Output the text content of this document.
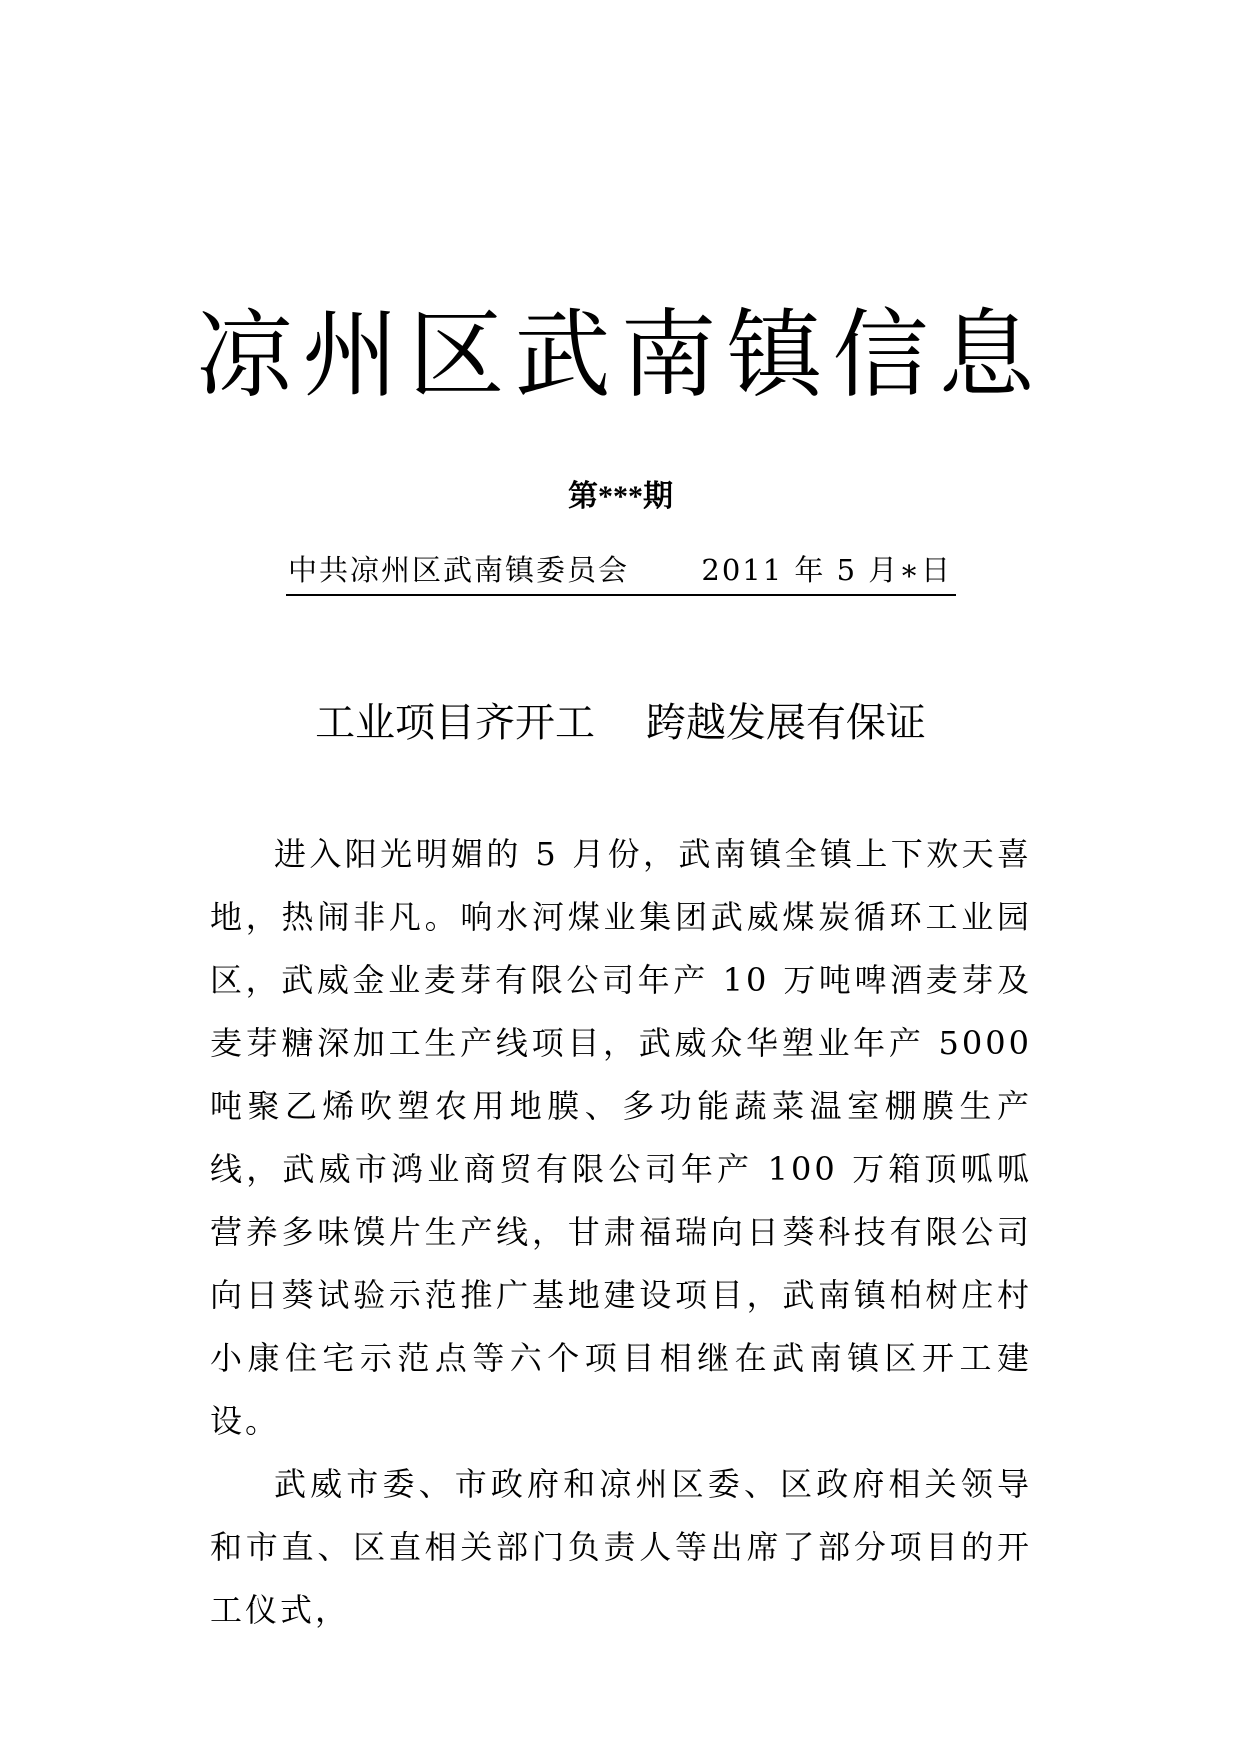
凉州区武南镇信息
第***期
中共凉州区武南镇委员会 2011 年 5 月∗日
工业项目齐开工    跨越发展有保证

进入阳光明媚的 5 月份，武南镇全镇上下欢天喜地，热闹非凡。响水河煤业集团武威煤炭循环工业园区，武威金业麦芽有限公司年产 10 万吨啤酒麦芽及麦芽糖深加工生产线项目，武威众华塑业年产 5000 吨聚乙烯吹塑农用地膜、多功能蔬菜温室棚膜生产线，武威市鸿业商贸有限公司年产 100 万箱顶呱呱营养多味馍片生产线，甘肃福瑞向日葵科技有限公司向日葵试验示范推广基地建设项目，武南镇柏树庄村小康住宅示范点等六个项目相继在武南镇区开工建设。

武威市委、市政府和凉州区委、区政府相关领导和市直、区直相关部门负责人等出席了部分项目的开工仪式，
